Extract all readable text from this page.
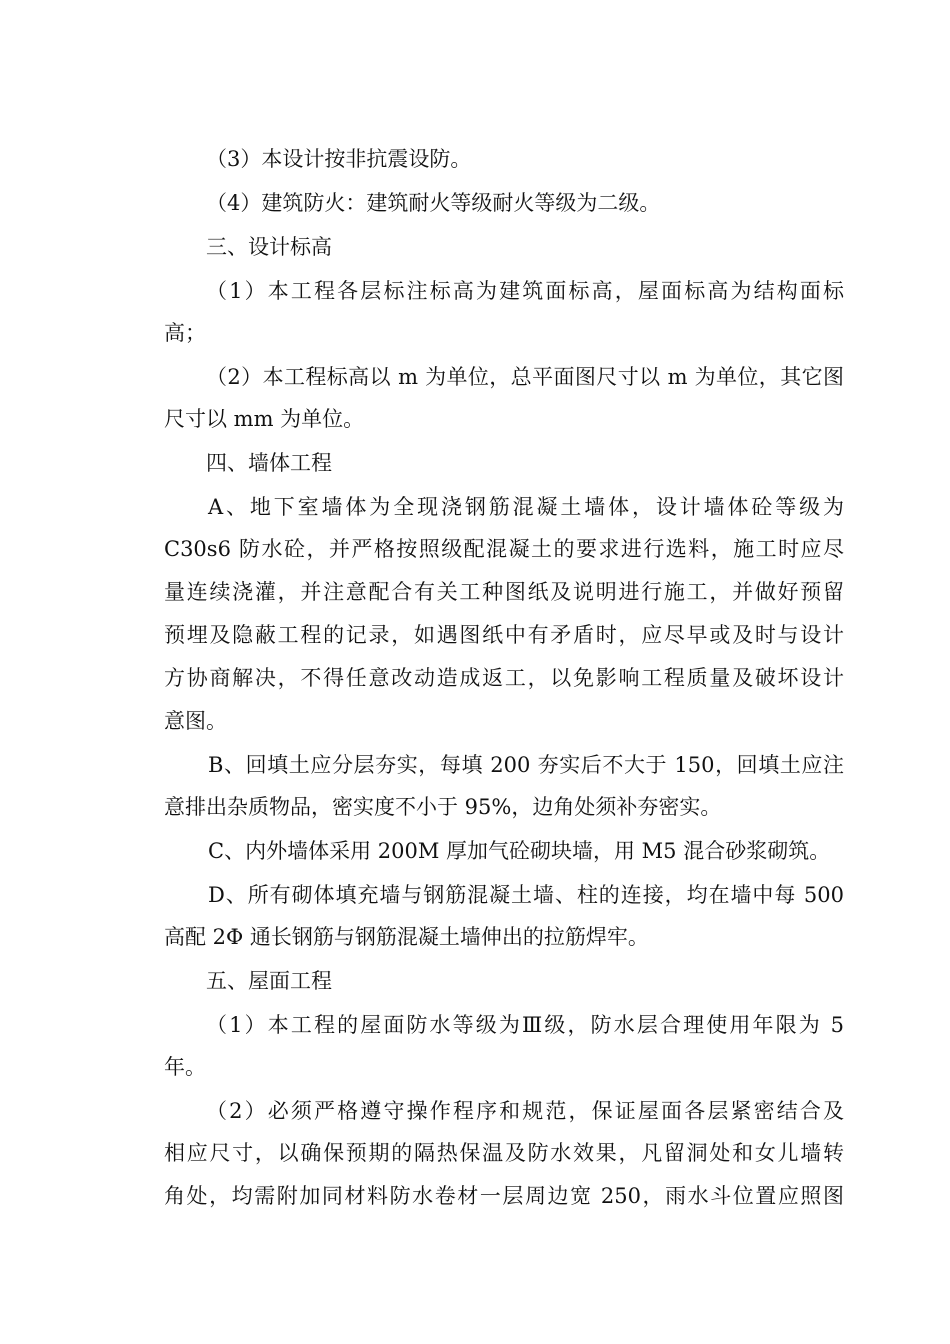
（3）本设计按非抗震设防。
（4）建筑防火：建筑耐火等级耐火等级为二级。
三、设计标高
（1）本工程各层标注标高为建筑面标高，屋面标高为结构面标
高；
（2）本工程标高以 m 为单位，总平面图尺寸以 m 为单位，其它图
尺寸以 mm 为单位。
四、墙体工程
A、地下室墙体为全现浇钢筋混凝土墙体，设计墙体砼等级为
C30s6 防水砼，并严格按照级配混凝土的要求进行选料，施工时应尽
量连续浇灌，并注意配合有关工种图纸及说明进行施工，并做好预留
预埋及隐蔽工程的记录，如遇图纸中有矛盾时，应尽早或及时与设计
方协商解决，不得任意改动造成返工，以免影响工程质量及破坏设计
意图。
B、回填土应分层夯实，每填 200 夯实后不大于 150，回填土应注
意排出杂质物品，密实度不小于 95%，边角处须补夯密实。
C、内外墙体采用 200M 厚加气砼砌块墙，用 M5 混合砂浆砌筑。
D、所有砌体填充墙与钢筋混凝土墙、柱的连接，均在墙中每 500
高配 2Φ 通长钢筋与钢筋混凝土墙伸出的拉筋焊牢。
五、屋面工程
（1）本工程的屋面防水等级为Ⅲ级，防水层合理使用年限为 5
年。
（2）必须严格遵守操作程序和规范，保证屋面各层紧密结合及
相应尺寸，以确保预期的隔热保温及防水效果，凡留洞处和女儿墙转
角处，均需附加同材料防水卷材一层周边宽 250，雨水斗位置应照图
